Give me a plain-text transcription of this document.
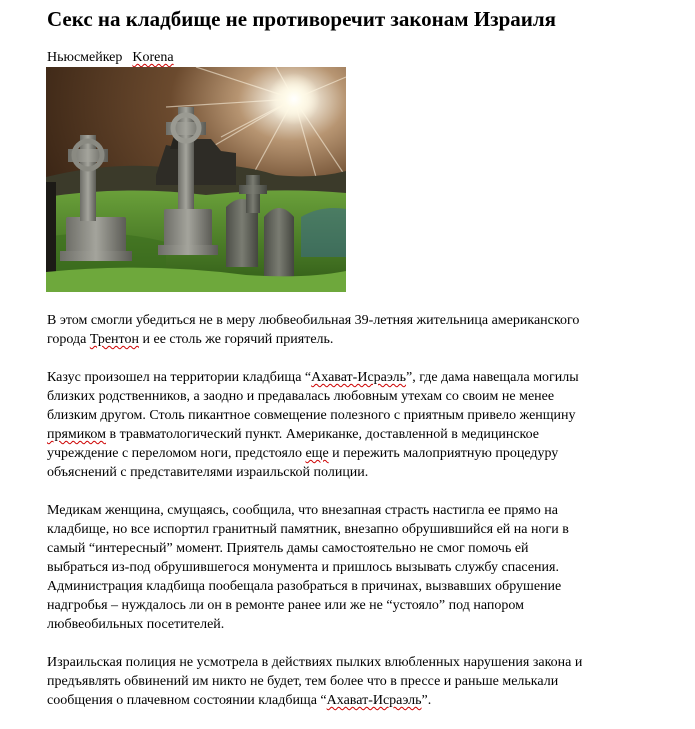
Секс на кладбище не противоречит законам Израиля
Ньюсмейкер Korena

В этом смогли убедиться не в меру любвеобильная 39-летняя жительница американского
города Трентон и ее столь же горячий приятель.

Казус произошел на территории кладбища “Ахават-Исраэль”, где дама навещала могилы
близких родственников, а заодно и предавалась любовным утехам со своим не менее
близким другом. Столь пикантное совмещение полезного с приятным привело женщину
прямиком в травматологический пункт. Американке, доставленной в медицинское
учреждение с переломом ноги, предстояло еще и пережить малоприятную процедуру
объяснений с представителями израильской полиции.

Медикам женщина, смущаясь, сообщила, что внезапная страсть настигла ее прямо на
кладбище, но все испортил гранитный памятник, внезапно обрушившийся ей на ноги в
самый “интересный” момент. Приятель дамы самостоятельно не смог помочь ей
выбраться из-под обрушившегося монумента и пришлось вызывать службу спасения.
Администрация кладбища пообещала разобраться в причинах, вызвавших обрушение
надгробья – нуждалось ли он в ремонте ранее или же не “устояло” под напором
любвеобильных посетителей.

Израильская полиция не усмотрела в действиях пылких влюбленных нарушения закона и
предъявлять обвинений им никто не будет, тем более что в прессе и раньше мелькали
сообщения о плачевном состоянии кладбища “Ахават-Исраэль”.
